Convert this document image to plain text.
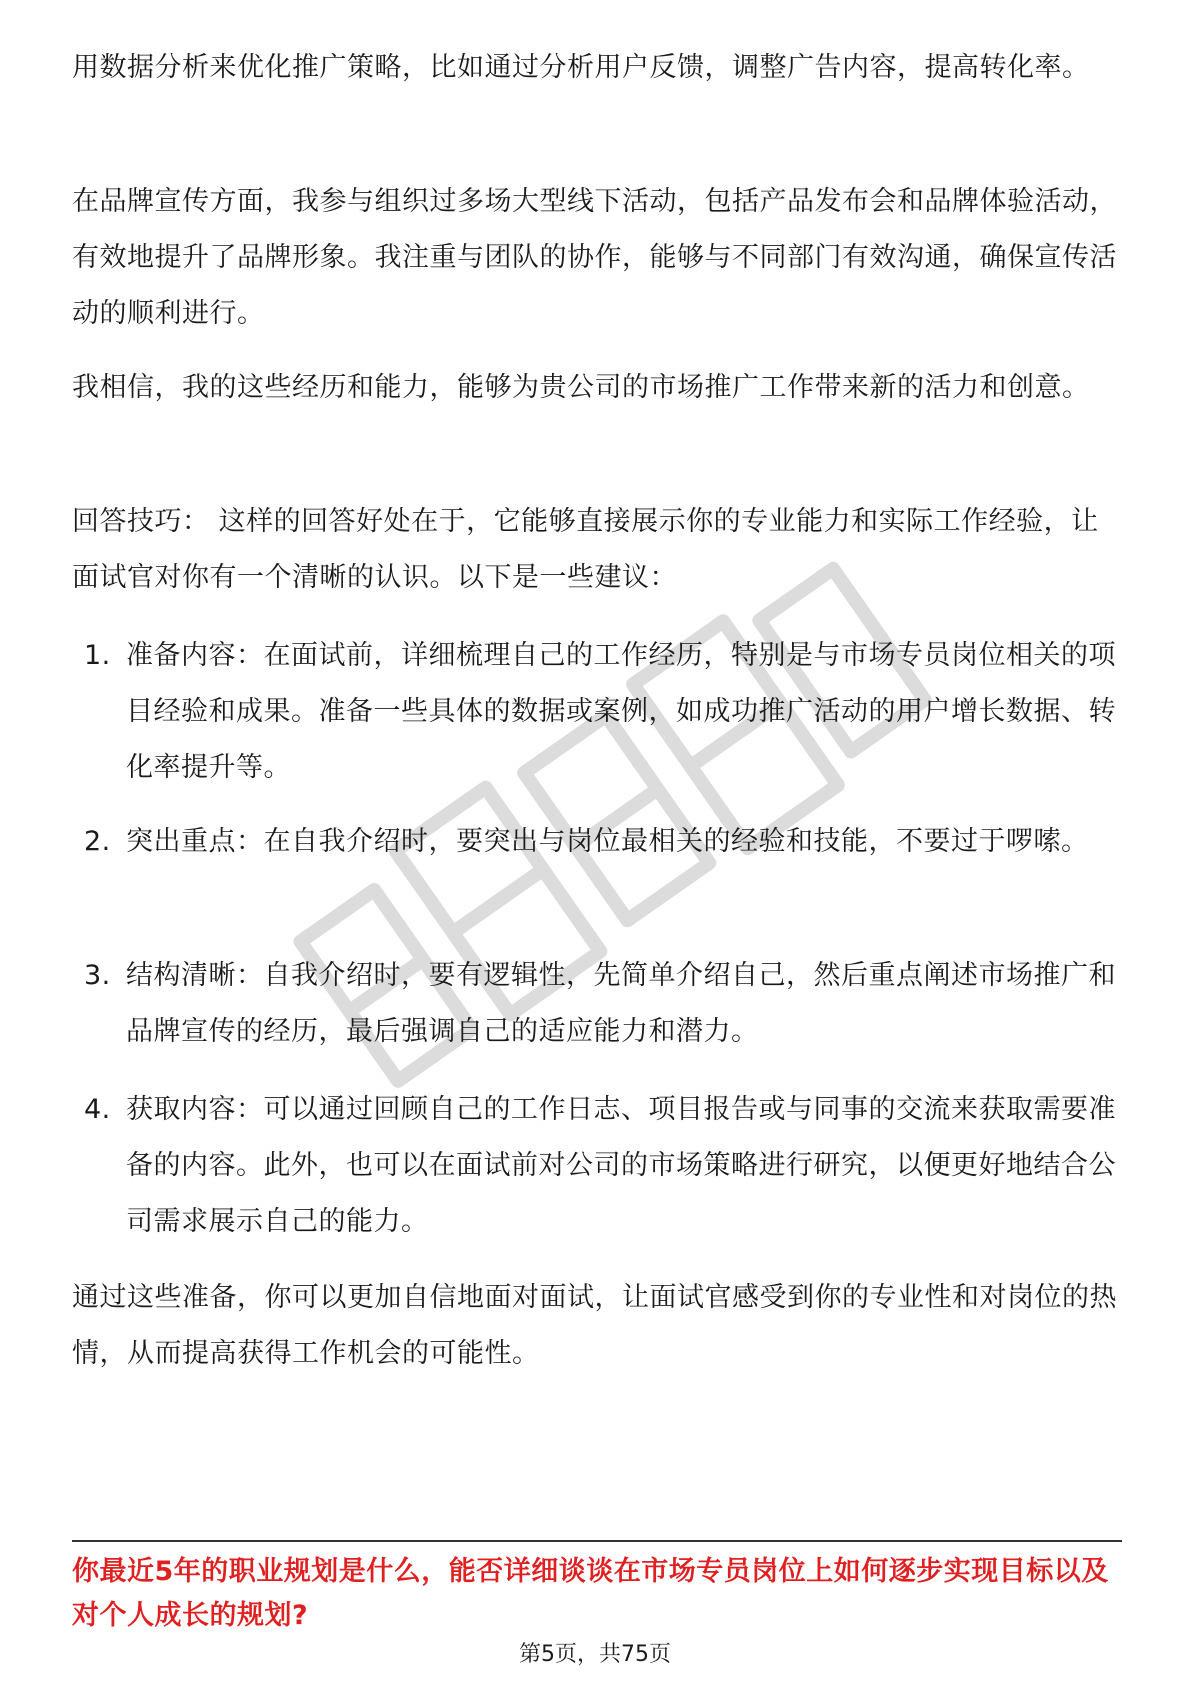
用数据分析来优化推广策略，比如通过分析用户反馈，调整广告内容，提高转化率。

在品牌宣传方面，我参与组织过多场大型线下活动，包括产品发布会和品牌体验活动，有效地提升了品牌形象。我注重与团队的协作，能够与不同部门有效沟通，确保宣传活动的顺利进行。

我相信，我的这些经历和能力，能够为贵公司的市场推广工作带来新的活力和创意。

回答技巧： 这样的回答好处在于，它能够直接展示你的专业能力和实际工作经验，让面试官对你有一个清晰的认识。以下是一些建议：

1. 准备内容：在面试前，详细梳理自己的工作经历，特别是与市场专员岗位相关的项目经验和成果。准备一些具体的数据或案例，如成功推广活动的用户增长数据、转化率提升等。
2. 突出重点：在自我介绍时，要突出与岗位最相关的经验和技能，不要过于啰嗦。
3. 结构清晰：自我介绍时，要有逻辑性，先简单介绍自己，然后重点阐述市场推广和品牌宣传的经历，最后强调自己的适应能力和潜力。
4. 获取内容：可以通过回顾自己的工作日志、项目报告或与同事的交流来获取需要准备的内容。此外，也可以在面试前对公司的市场策略进行研究，以便更好地结合公司需求展示自己的能力。

通过这些准备，你可以更加自信地面对面试，让面试官感受到你的专业性和对岗位的热情，从而提高获得工作机会的可能性。

你最近5年的职业规划是什么，能否详细谈谈在市场专员岗位上如何逐步实现目标以及对个人成长的规划?
第5页，共75页
